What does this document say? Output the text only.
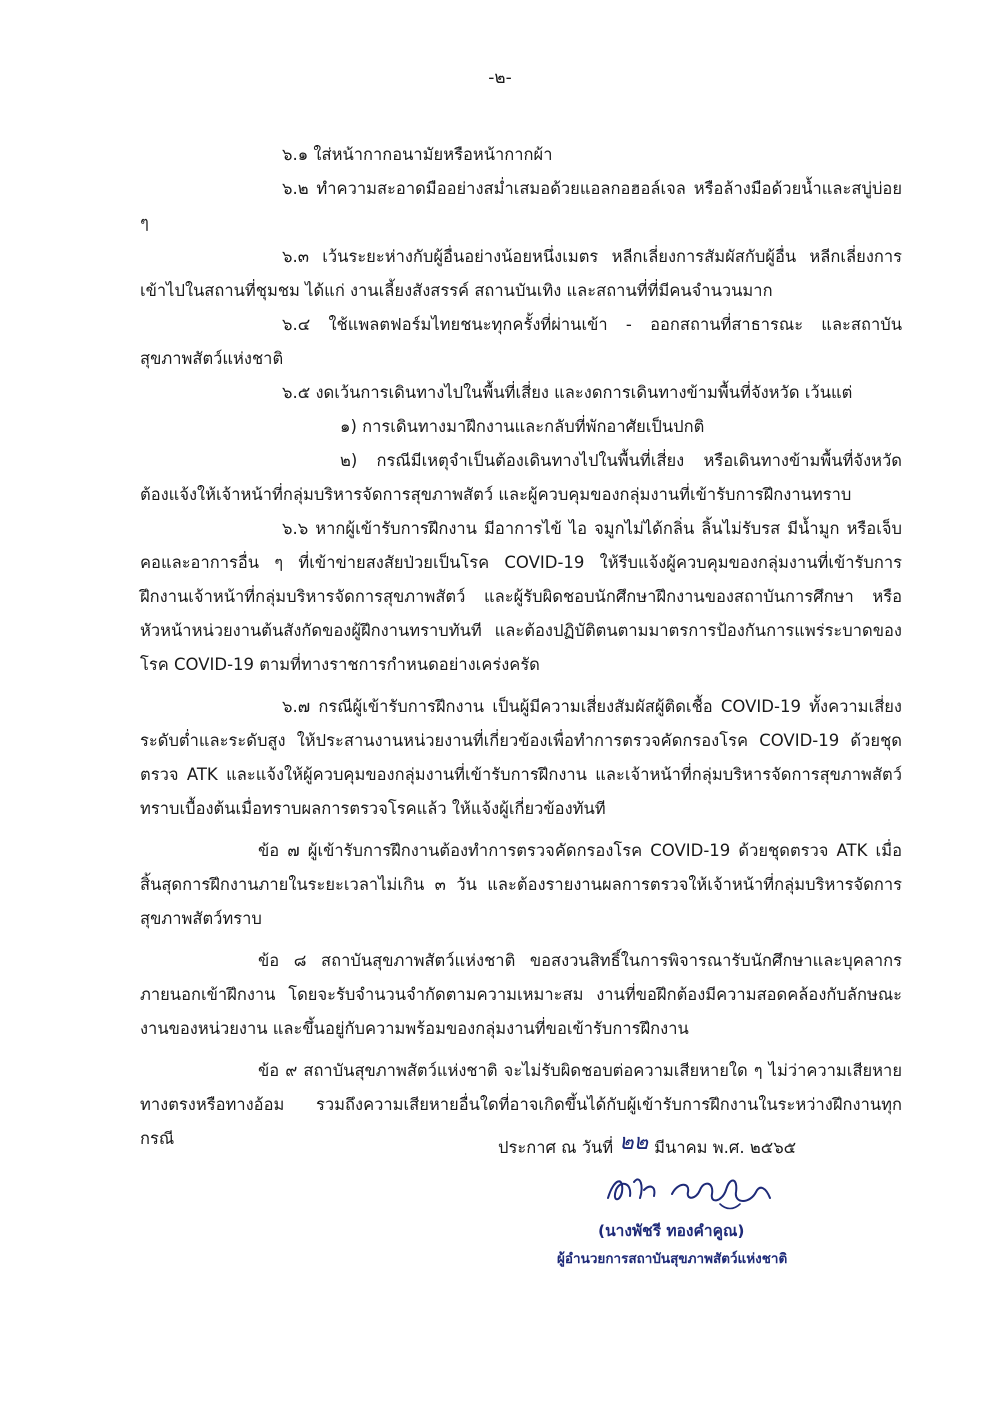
-๒-

๖.๑ ใส่หน้ากากอนามัยหรือหน้ากากผ้า

๖.๒ ทำความสะอาดมืออย่างสม่ำเสมอด้วยแอลกอฮอล์เจล หรือล้างมือด้วยน้ำและสบู่บ่อย ๆ

๖.๓ เว้นระยะห่างกับผู้อื่นอย่างน้อยหนึ่งเมตร หลีกเลี่ยงการสัมผัสกับผู้อื่น หลีกเลี่ยงการเข้าไปในสถานที่ชุมชม ได้แก่ งานเลี้ยงสังสรรค์ สถานบันเทิง และสถานที่ที่มีคนจำนวนมาก

๖.๔ ใช้แพลตฟอร์มไทยชนะทุกครั้งที่ผ่านเข้า - ออกสถานที่สาธารณะ และสถาบันสุขภาพสัตว์แห่งชาติ

๖.๕ งดเว้นการเดินทางไปในพื้นที่เสี่ยง และงดการเดินทางข้ามพื้นที่จังหวัด เว้นแต่

๑) การเดินทางมาฝึกงานและกลับที่พักอาศัยเป็นปกติ

๒) กรณีมีเหตุจำเป็นต้องเดินทางไปในพื้นที่เสี่ยง หรือเดินทางข้ามพื้นที่จังหวัด ต้องแจ้งให้เจ้าหน้าที่กลุ่มบริหารจัดการสุขภาพสัตว์ และผู้ควบคุมของกลุ่มงานที่เข้ารับการฝึกงานทราบ

๖.๖ หากผู้เข้ารับการฝึกงาน มีอาการไข้ ไอ จมูกไม่ได้กลิ่น ลิ้นไม่รับรส มีน้ำมูก หรือเจ็บคอและอาการอื่น ๆ ที่เข้าข่ายสงสัยป่วยเป็นโรค COVID-19 ให้รีบแจ้งผู้ควบคุมของกลุ่มงานที่เข้ารับการฝึกงานเจ้าหน้าที่กลุ่มบริหารจัดการสุขภาพสัตว์ และผู้รับผิดชอบนักศึกษาฝึกงานของสถาบันการศึกษา หรือหัวหน้าหน่วยงานต้นสังกัดของผู้ฝึกงานทราบทันที และต้องปฏิบัติตนตามมาตรการป้องกันการแพร่ระบาดของโรค COVID-19 ตามที่ทางราชการกำหนดอย่างเคร่งครัด

๖.๗ กรณีผู้เข้ารับการฝึกงาน เป็นผู้มีความเสี่ยงสัมผัสผู้ติดเชื้อ COVID-19 ทั้งความเสี่ยงระดับต่ำและระดับสูง ให้ประสานงานหน่วยงานที่เกี่ยวข้องเพื่อทำการตรวจคัดกรองโรค COVID-19 ด้วยชุดตรวจ ATK และแจ้งให้ผู้ควบคุมของกลุ่มงานที่เข้ารับการฝึกงาน และเจ้าหน้าที่กลุ่มบริหารจัดการสุขภาพสัตว์ทราบเบื้องต้นเมื่อทราบผลการตรวจโรคแล้ว ให้แจ้งผู้เกี่ยวข้องทันที

ข้อ ๗ ผู้เข้ารับการฝึกงานต้องทำการตรวจคัดกรองโรค COVID-19 ด้วยชุดตรวจ ATK เมื่อสิ้นสุดการฝึกงานภายในระยะเวลาไม่เกิน ๓ วัน และต้องรายงานผลการตรวจให้เจ้าหน้าที่กลุ่มบริหารจัดการสุขภาพสัตว์ทราบ

ข้อ ๘ สถาบันสุขภาพสัตว์แห่งชาติ ขอสงวนสิทธิ์ในการพิจารณารับนักศึกษาและบุคลากรภายนอกเข้าฝึกงาน โดยจะรับจำนวนจำกัดตามความเหมาะสม งานที่ขอฝึกต้องมีความสอดคล้องกับลักษณะงานของหน่วยงาน และขึ้นอยู่กับความพร้อมของกลุ่มงานที่ขอเข้ารับการฝึกงาน

ข้อ ๙ สถาบันสุขภาพสัตว์แห่งชาติ จะไม่รับผิดชอบต่อความเสียหายใด ๆ ไม่ว่าความเสียหายทางตรงหรือทางอ้อม รวมถึงความเสียหายอื่นใดที่อาจเกิดขึ้นได้กับผู้เข้ารับการฝึกงานในระหว่างฝึกงานทุกกรณี	ประกาศ ณ วันที่ ๒๒ มีนาคม พ.ศ. ๒๕๖๕
(นางพัชรี ทองคำคูณ)
ผู้อำนวยการสถาบันสุขภาพสัตว์แห่งชาติ
